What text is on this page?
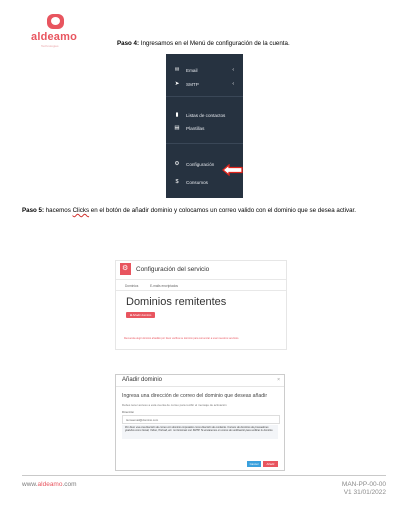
aldeamo
Technologies	Paso 4: Ingresamos en el Menú de configuración de la cuenta.
✉ Email	‹
➤ SMTP	‹
▮	Listas de contactos
▤ Plantillas
⚙ Configuración
$	Consumos
Paso 5: hacemos Clicks en el botón de añadir dominio y colocamos un correo valido con el dominio que se desea activar.
⚙
Configuración del servicio
Dominios	E-mails encriptados
Dominios remitentes
⊕ Añadir dominio
Recuerda elegir dominio añadido por favor verifica su dominio para comenzar a usar nuestros servicios.
Añadir dominio	×
Ingresa una dirección de correo del dominio que deseas añadir
Debes tener acceso a esta cuenta de correo para recibir el mensaje de activación
Dirección
tiemaemail@dominio.com
Por favor usa una dirección de correo con dominio corporativo como dirección de remitente. Correos de dominios de proveedores gratuitos como Gmail, Yahoo, Hotmail, etc. no funcionan con SMTP. Te enviaremos un correo de verificación para verificar tu dominio.
Cancel	Añadir
www.aldeamo.com	MAN-PP-00-00
V1 31/01/2022
